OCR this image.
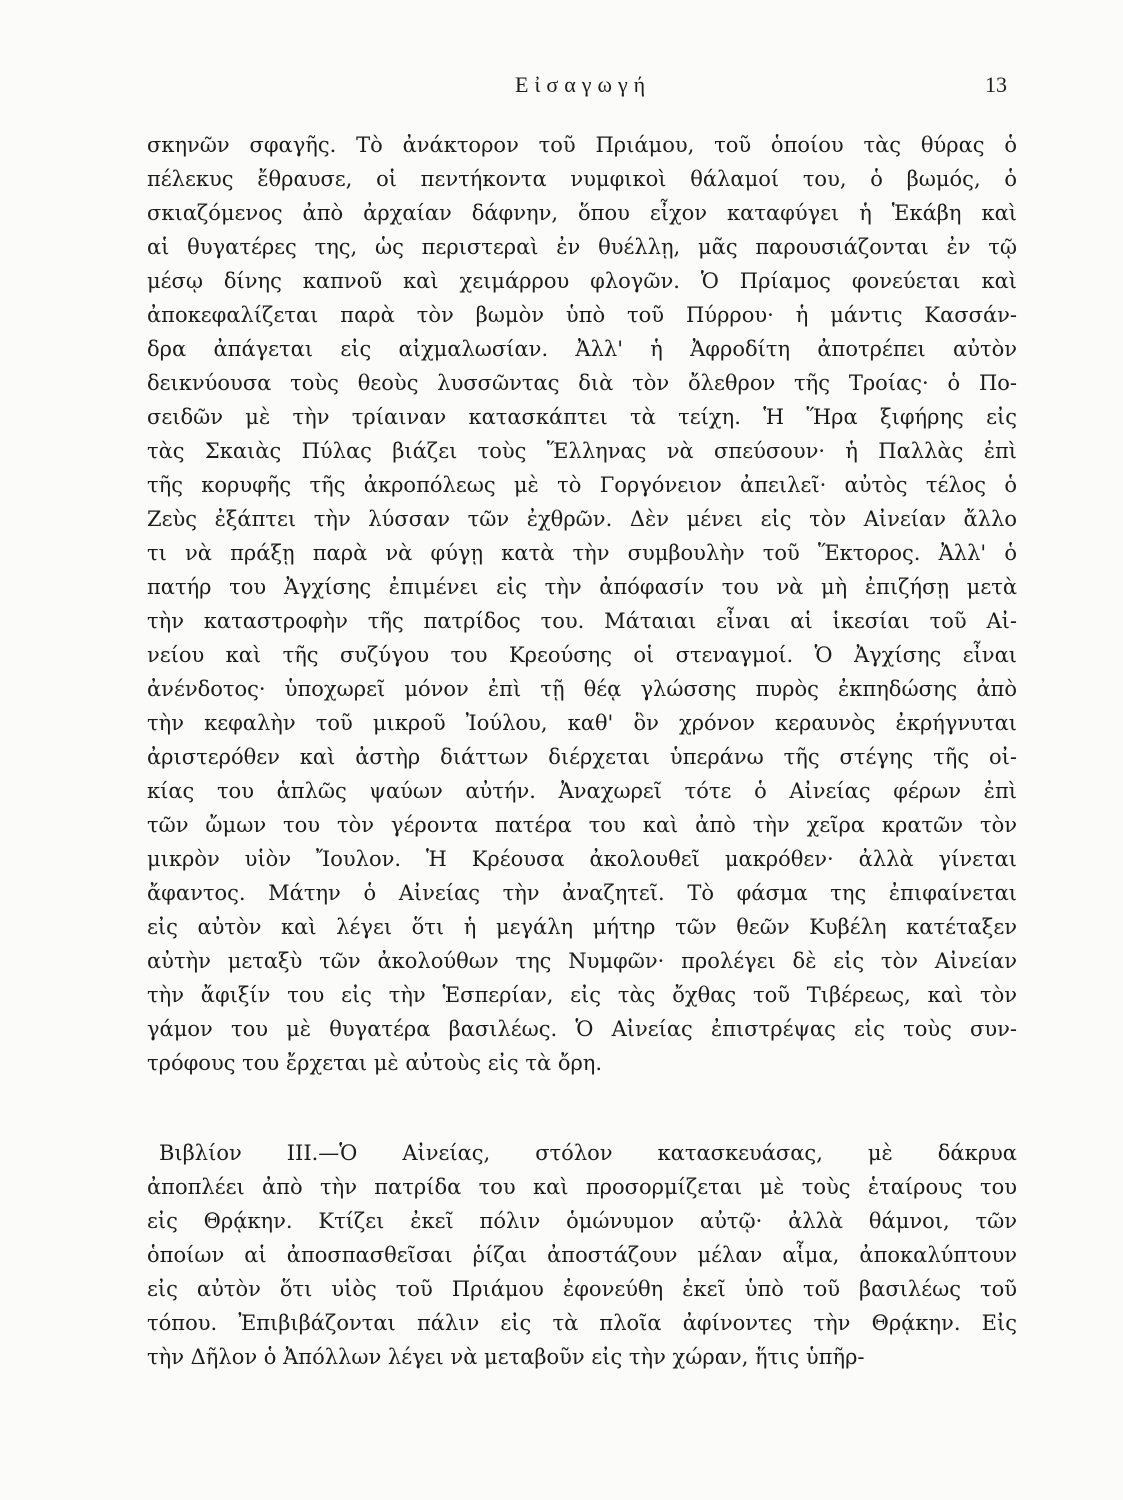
Εἰσαγωγή	13
σκηνῶν σφαγῆς. Τὸ ἀνάκτορον τοῦ Πριάμου, τοῦ ὁποίου τὰς θύρας ὁ
πέλεκυς ἔθραυσε, οἱ πεντήκοντα νυμφικοὶ θάλαμοί του, ὁ βωμός, ὁ
σκιαζόμενος ἀπὸ ἀρχαίαν δάφνην, ὅπου εἶχον καταφύγει ἡ Ἑκάβη καὶ
αἱ θυγατέρες της, ὡς περιστεραὶ ἐν θυέλλῃ, μᾶς παρουσιάζονται ἐν τῷ
μέσῳ δίνης καπνοῦ καὶ χειμάρρου φλογῶν. Ὁ Πρίαμος φονεύεται καὶ
ἀποκεφαλίζεται παρὰ τὸν βωμὸν ὑπὸ τοῦ Πύρρου· ἡ μάντις Κασσάν-
δρα ἀπάγεται εἰς αἰχμαλωσίαν. Ἀλλ' ἡ Ἀφροδίτη ἀποτρέπει αὐτὸν
δεικνύουσα τοὺς θεοὺς λυσσῶντας διὰ τὸν ὄλεθρον τῆς Τροίας· ὁ Πο-
σειδῶν μὲ τὴν τρίαιναν κατασκάπτει τὰ τείχη. Ἡ Ἥρα ξιφήρης εἰς
τὰς Σκαιὰς Πύλας βιάζει τοὺς Ἕλληνας νὰ σπεύσουν· ἡ Παλλὰς ἐπὶ
τῆς κορυφῆς τῆς ἀκροπόλεως μὲ τὸ Γοργόνειον ἀπειλεῖ· αὐτὸς τέλος ὁ
Ζεὺς ἐξάπτει τὴν λύσσαν τῶν ἐχθρῶν. Δὲν μένει εἰς τὸν Αἰνείαν ἄλλο
τι νὰ πράξῃ παρὰ νὰ φύγῃ κατὰ τὴν συμβουλὴν τοῦ Ἕκτορος. Ἀλλ' ὁ
πατήρ του Ἀγχίσης ἐπιμένει εἰς τὴν ἀπόφασίν του νὰ μὴ ἐπιζήσῃ μετὰ
τὴν καταστροφὴν τῆς πατρίδος του. Μάταιαι εἶναι αἱ ἱκεσίαι τοῦ Αἰ-
νείου καὶ τῆς συζύγου του Κρεούσης οἱ στεναγμοί. Ὁ Ἀγχίσης εἶναι
ἀνένδοτος· ὑποχωρεῖ μόνον ἐπὶ τῇ θέᾳ γλώσσης πυρὸς ἐκπηδώσης ἀπὸ
τὴν κεφαλὴν τοῦ μικροῦ Ἰούλου, καθ' ὃν χρόνον κεραυνὸς ἐκρήγνυται
ἀριστερόθεν καὶ ἀστὴρ διάττων διέρχεται ὑπεράνω τῆς στέγης τῆς οἰ-
κίας του ἁπλῶς ψαύων αὐτήν. Ἀναχωρεῖ τότε ὁ Αἰνείας φέρων ἐπὶ
τῶν ὤμων του τὸν γέροντα πατέρα του καὶ ἀπὸ τὴν χεῖρα κρατῶν τὸν
μικρὸν υἱὸν Ἴουλον. Ἡ Κρέουσα ἀκολουθεῖ μακρόθεν· ἀλλὰ γίνεται
ἄφαντος. Μάτην ὁ Αἰνείας τὴν ἀναζητεῖ. Τὸ φάσμα της ἐπιφαίνεται
εἰς αὐτὸν καὶ λέγει ὅτι ἡ μεγάλη μήτηρ τῶν θεῶν Κυβέλη κατέταξεν
αὐτὴν μεταξὺ τῶν ἀκολούθων της Νυμφῶν· προλέγει δὲ εἰς τὸν Αἰνείαν
τὴν ἄφιξίν του εἰς τὴν Ἑσπερίαν, εἰς τὰς ὄχθας τοῦ Τιβέρεως, καὶ τὸν
γάμον του μὲ θυγατέρα βασιλέως. Ὁ Αἰνείας ἐπιστρέψας εἰς τοὺς συν-
τρόφους του ἔρχεται μὲ αὐτοὺς εἰς τὰ ὄρη.
Βιβλίον ΙΙΙ.—Ὁ Αἰνείας, στόλον κατασκευάσας, μὲ δάκρυα
ἀποπλέει ἀπὸ τὴν πατρίδα του καὶ προσορμίζεται μὲ τοὺς ἑταίρους του
εἰς Θρᾴκην. Κτίζει ἐκεῖ πόλιν ὁμώνυμον αὐτῷ· ἀλλὰ θάμνοι, τῶν
ὁποίων αἱ ἀποσπασθεῖσαι ῥίζαι ἀποστάζουν μέλαν αἷμα, ἀποκαλύπτουν
εἰς αὐτὸν ὅτι υἱὸς τοῦ Πριάμου ἐφονεύθη ἐκεῖ ὑπὸ τοῦ βασιλέως τοῦ
τόπου. Ἐπιβιβάζονται πάλιν εἰς τὰ πλοῖα ἀφίνοντες τὴν Θρᾴκην. Εἰς
τὴν Δῆλον ὁ Ἀπόλλων λέγει νὰ μεταβοῦν εἰς τὴν χώραν, ἥτις ὑπῆρ-
